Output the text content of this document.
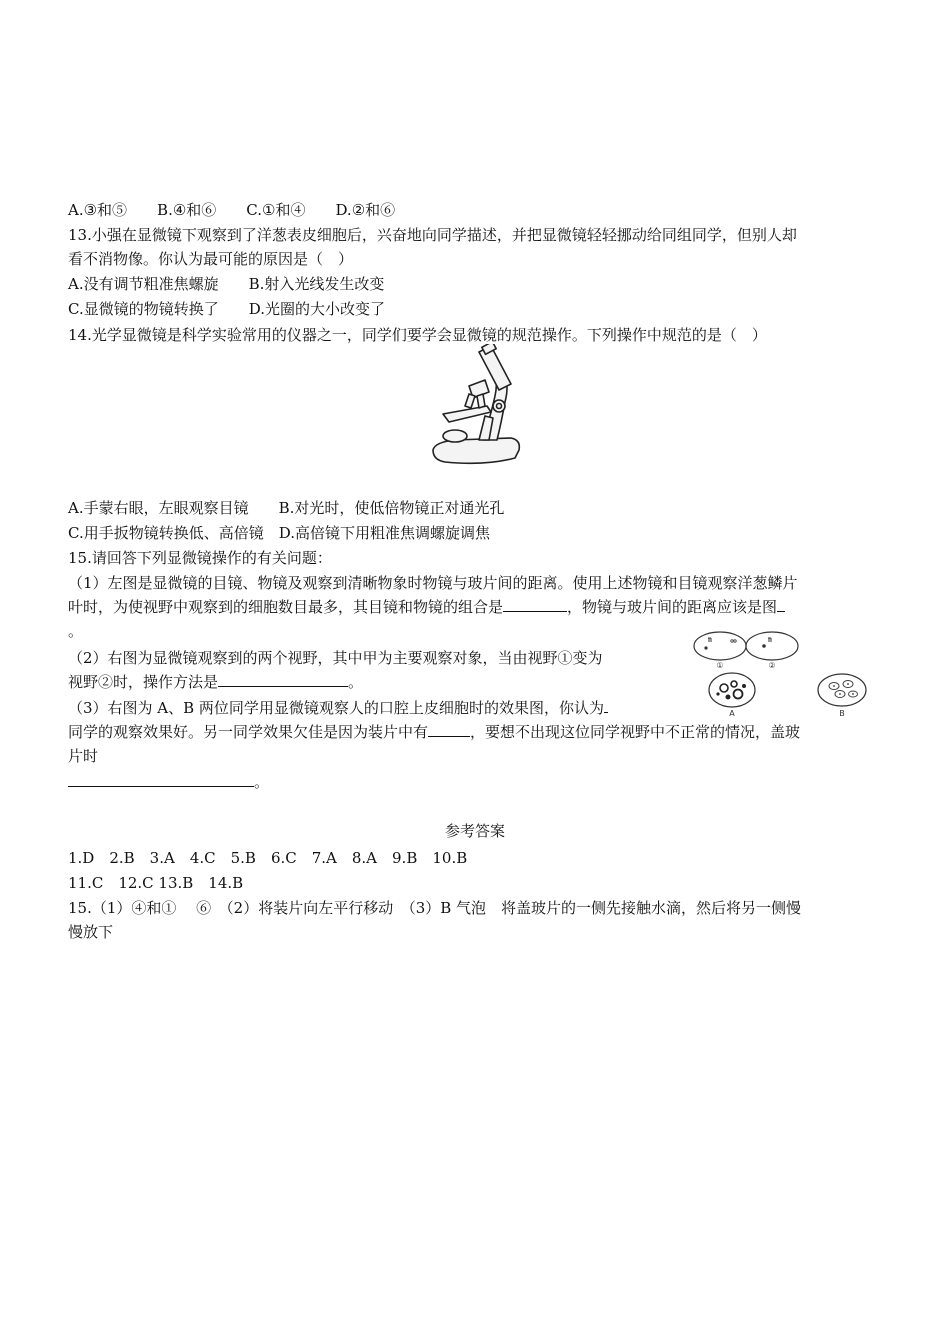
A.③和⑤　　B.④和⑥　　C.①和④　　D.②和⑥
13.小强在显微镜下观察到了洋葱表皮细胞后，兴奋地向同学描述，并把显微镜轻轻挪动给同组同学，但别人却
看不消物像。你认为最可能的原因是（　）
A.没有调节粗准焦螺旋　　B.射入光线发生改变
C.显微镜的物镜转换了　　D.光圈的大小改变了
14.光学显微镜是科学实验常用的仪器之一，同学们要学会显微镜的规范操作。下列操作中规范的是（　）
A.手蒙右眼，左眼观察目镜　　B.对光时，使低倍物镜正对通光孔
C.用手扳物镜转换低、高倍镜　D.高倍镜下用粗准焦调螺旋调焦
15.请回答下列显微镜操作的有关问题：
（1）左图是显微镜的目镜、物镜及观察到清晰物象时物镜与玻片间的距离。使用上述物镜和目镜观察洋葱鳞片
叶时，为使视野中观察到的细胞数目最多，其目镜和物镜的组合是	，物镜与玻片间的距离应该是图
。
（2）右图为显微镜观察到的两个视野，其中甲为主要观察对象，当由视野①变为
视野②时，操作方法是	。
（3）右图为 A、B 两位同学用显微镜观察人的口腔上皮细胞时的效果图，你认为
同学的观察效果好。另一同学效果欠佳是因为装片中有	，要想不出现这位同学视野中不正常的情况，盖玻
片时
。
①	②
A	B
参考答案
1.D　2.B　3.A　4.C　5.B　6.C　7.A　8.A　9.B　10.B
11.C　12.C 13.B　14.B
15.（1）④和①　 ⑥　（2）将装片向左平行移动　（3）B 气泡　将盖玻片的一侧先接触水滴，然后将另一侧慢
慢放下
